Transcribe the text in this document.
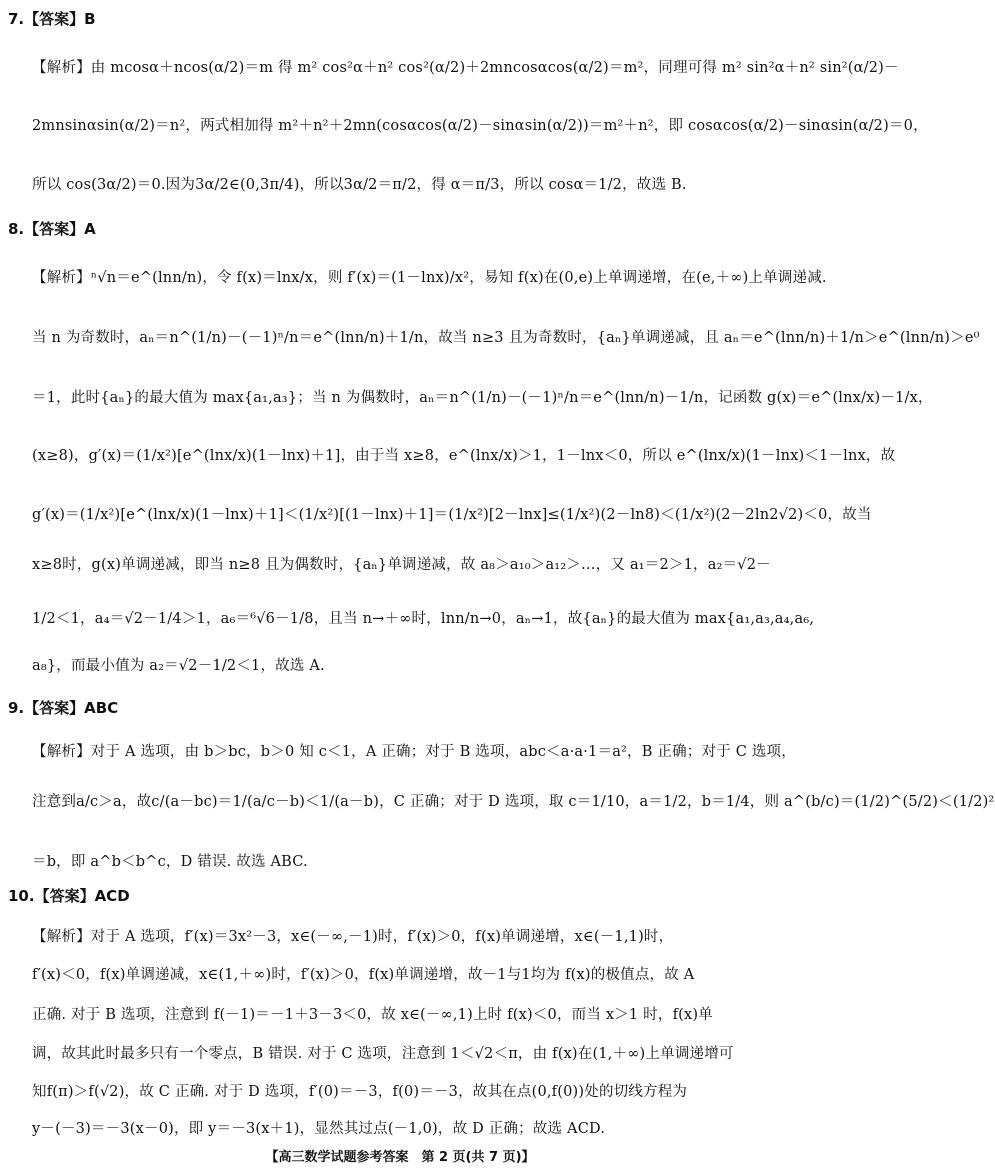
7.【答案】B
【解析】由 mcosα＋ncos(α/2)＝m 得 m² cos²α＋n² cos²(α/2)＋2mncosαcos(α/2)＝m²，同理可得 m² sin²α＋n² sin²(α/2)－
2mnsinαsin(α/2)＝n²，两式相加得 m²＋n²＋2mn(cosαcos(α/2)－sinαsin(α/2))＝m²＋n²，即 cosαcos(α/2)－sinαsin(α/2)＝0，
所以 cos(3α/2)＝0.因为3α/2∈(0,3π/4)，所以3α/2＝π/2，得 α＝π/3，所以 cosα＝1/2，故选 B.
8.【答案】A
【解析】ⁿ√n＝e^(lnn/n)，令 f(x)＝lnx/x，则 f′(x)＝(1－lnx)/x²，易知 f(x)在(0,e)上单调递增，在(e,＋∞)上单调递减.
当 n 为奇数时，aₙ＝n^(1/n)－(－1)ⁿ/n＝e^(lnn/n)＋1/n，故当 n≥3 且为奇数时，{aₙ}单调递减，且 aₙ＝e^(lnn/n)＋1/n＞e^(lnn/n)＞e⁰
＝1，此时{aₙ}的最大值为 max{a₁,a₃}；当 n 为偶数时，aₙ＝n^(1/n)－(－1)ⁿ/n＝e^(lnn/n)－1/n，记函数 g(x)＝e^(lnx/x)－1/x，
(x≥8)，g′(x)＝(1/x²)[e^(lnx/x)(1－lnx)＋1]，由于当 x≥8，e^(lnx/x)＞1，1－lnx＜0，所以 e^(lnx/x)(1－lnx)＜1－lnx，故
g′(x)＝(1/x²)[e^(lnx/x)(1－lnx)＋1]＜(1/x²)[(1－lnx)＋1]＝(1/x²)[2－lnx]≤(1/x²)(2－ln8)＜(1/x²)(2－2ln2√2)＜0，故当
x≥8时，g(x)单调递减，即当 n≥8 且为偶数时，{aₙ}单调递减，故 a₈＞a₁₀＞a₁₂＞…，又 a₁＝2＞1，a₂＝√2－
1/2＜1，a₄＝√2－1/4＞1，a₆＝⁶√6－1/8，且当 n→＋∞时，lnn/n→0，aₙ→1，故{aₙ}的最大值为 max{a₁,a₃,a₄,a₆,
a₈}，而最小值为 a₂＝√2－1/2＜1，故选 A.
9.【答案】ABC
【解析】对于 A 选项，由 b＞bc，b＞0 知 c＜1，A 正确；对于 B 选项，abc＜a·a·1＝a²，B 正确；对于 C 选项，
注意到a/c＞a，故c/(a－bc)＝1/(a/c－b)＜1/(a－b)，C 正确；对于 D 选项，取 c＝1/10，a＝1/2，b＝1/4，则 a^(b/c)＝(1/2)^(5/2)＜(1/2)²
＝b，即 a^b＜b^c，D 错误. 故选 ABC.
10.【答案】ACD
【解析】对于 A 选项，f′(x)＝3x²－3，x∈(－∞,－1)时，f′(x)＞0，f(x)单调递增，x∈(－1,1)时，
f′(x)＜0，f(x)单调递减，x∈(1,＋∞)时，f′(x)＞0，f(x)单调递增，故－1与1均为 f(x)的极值点，故 A
正确. 对于 B 选项，注意到 f(－1)＝－1＋3－3＜0，故 x∈(－∞,1)上时 f(x)＜0，而当 x＞1 时，f(x)单
调，故其此时最多只有一个零点，B 错误. 对于 C 选项，注意到 1＜√2＜π，由 f(x)在(1,＋∞)上单调递增可
知f(π)＞f(√2)，故 C 正确. 对于 D 选项，f′(0)＝－3，f(0)＝－3，故其在点(0,f(0))处的切线方程为
y－(－3)＝－3(x－0)，即 y＝－3(x＋1)，显然其过点(－1,0)，故 D 正确；故选 ACD.
【高三数学试题参考答案　第 2 页(共 7 页)】
